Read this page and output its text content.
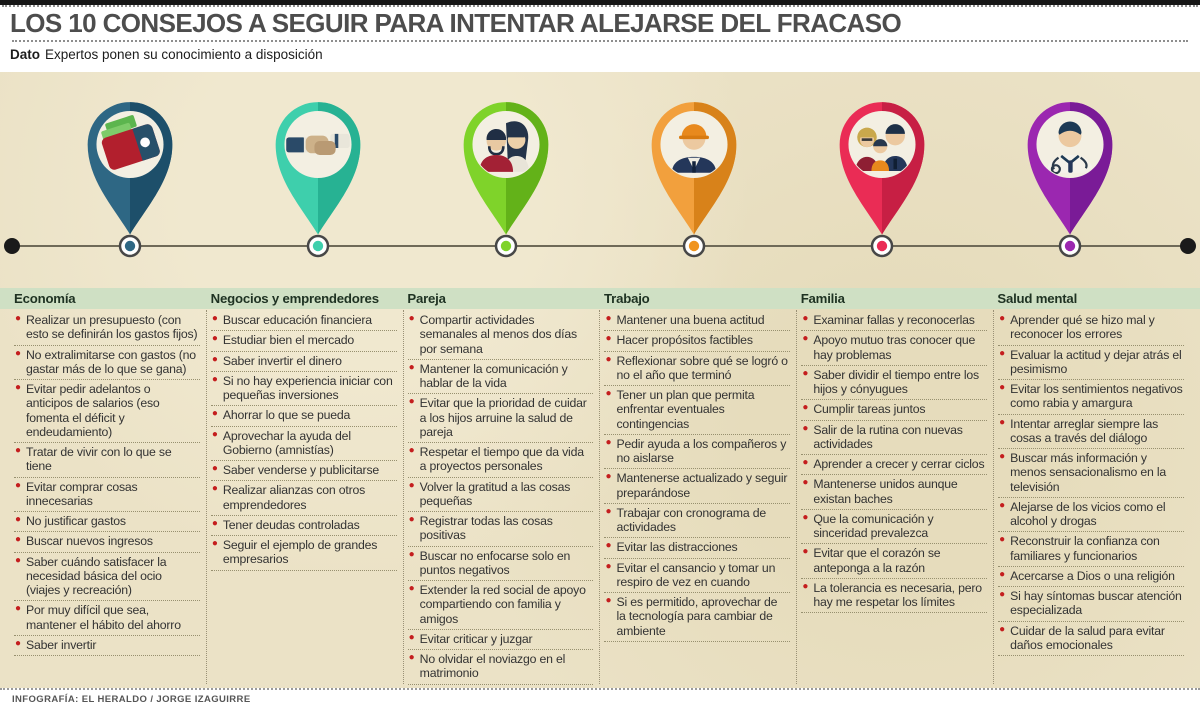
LOS 10 CONSEJOS A SEGUIR PARA INTENTAR ALEJARSE DEL FRACASO
Dato Expertos ponen su conocimiento a disposición
Economía	Negocios y emprendedores	Pareja	Trabajo	Familia	Salud mental
● Realizar un presupuesto (con esto se definirán los gastos fijos)
● No extralimitarse con gastos (no gastar más de lo que se gana)
● Evitar pedir adelantos o anticipos de salarios (eso fomenta el déficit y endeudamiento)
● Tratar de vivir con lo que se tiene
● Evitar comprar cosas innecesarias
● No justificar gastos
● Buscar nuevos ingresos
● Saber cuándo satisfacer la necesidad básica del ocio (viajes y recreación)
● Por muy difícil que sea, mantener el hábito del ahorro
● Saber invertir
● Buscar educación financiera
● Estudiar bien el mercado
● Saber invertir el dinero
● Si no hay experiencia iniciar con pequeñas inversiones
● Ahorrar lo que se pueda
● Aprovechar la ayuda del Gobierno (amnistías)
● Saber venderse y publicitarse
● Realizar alianzas con otros emprendedores
● Tener deudas controladas
● Seguir el ejemplo de grandes empresarios
● Compartir actividades semanales al menos dos días por semana
● Mantener la comunicación y hablar de la vida
● Evitar que la prioridad de cuidar a los hijos arruine la salud de pareja
● Respetar el tiempo que da vida a proyectos personales
● Volver la gratitud a las cosas pequeñas
● Registrar todas las cosas positivas
● Buscar no enfocarse solo en puntos negativos
● Extender la red social de apoyo compartiendo con familia y amigos
● Evitar criticar y juzgar
● No olvidar el noviazgo en el matrimonio
● Mantener una buena actitud
● Hacer propósitos factibles
● Reflexionar sobre qué se logró o no el año que terminó
● Tener un plan que permita enfrentar eventuales contingencias
● Pedir ayuda a los compañeros y no aislarse
● Mantenerse actualizado y seguir preparándose
● Trabajar con cronograma de actividades
● Evitar las distracciones
● Evitar el cansancio y tomar un respiro de vez en cuando
● Si es permitido, aprovechar de la tecnología para cambiar de ambiente
● Examinar fallas y reconocerlas
● Apoyo mutuo tras conocer que hay problemas
● Saber dividir el tiempo entre los hijos y cónyugues
● Cumplir tareas juntos
● Salir de la rutina con nuevas actividades
● Aprender a crecer y cerrar ciclos
● Mantenerse unidos aunque existan baches
● Que la comunicación y sinceridad prevalezca
● Evitar que el corazón se anteponga a la razón
● La tolerancia es necesaria, pero hay me respetar los límites
● Aprender qué se hizo mal y reconocer los errores
● Evaluar la actitud y dejar atrás el pesimismo
● Evitar los sentimientos negativos como rabia y amargura
● Intentar arreglar siempre las cosas a través del diálogo
● Buscar más información y menos sensacionalismo en la televisión
● Alejarse de los vicios como el alcohol y drogas
● Reconstruir la confianza con familiares y funcionarios
● Acercarse a Dios o una religión
● Si hay síntomas buscar atención especializada
● Cuidar de la salud para evitar daños emocionales
INFOGRAFÍA: EL HERALDO / JORGE IZAGUIRRE
